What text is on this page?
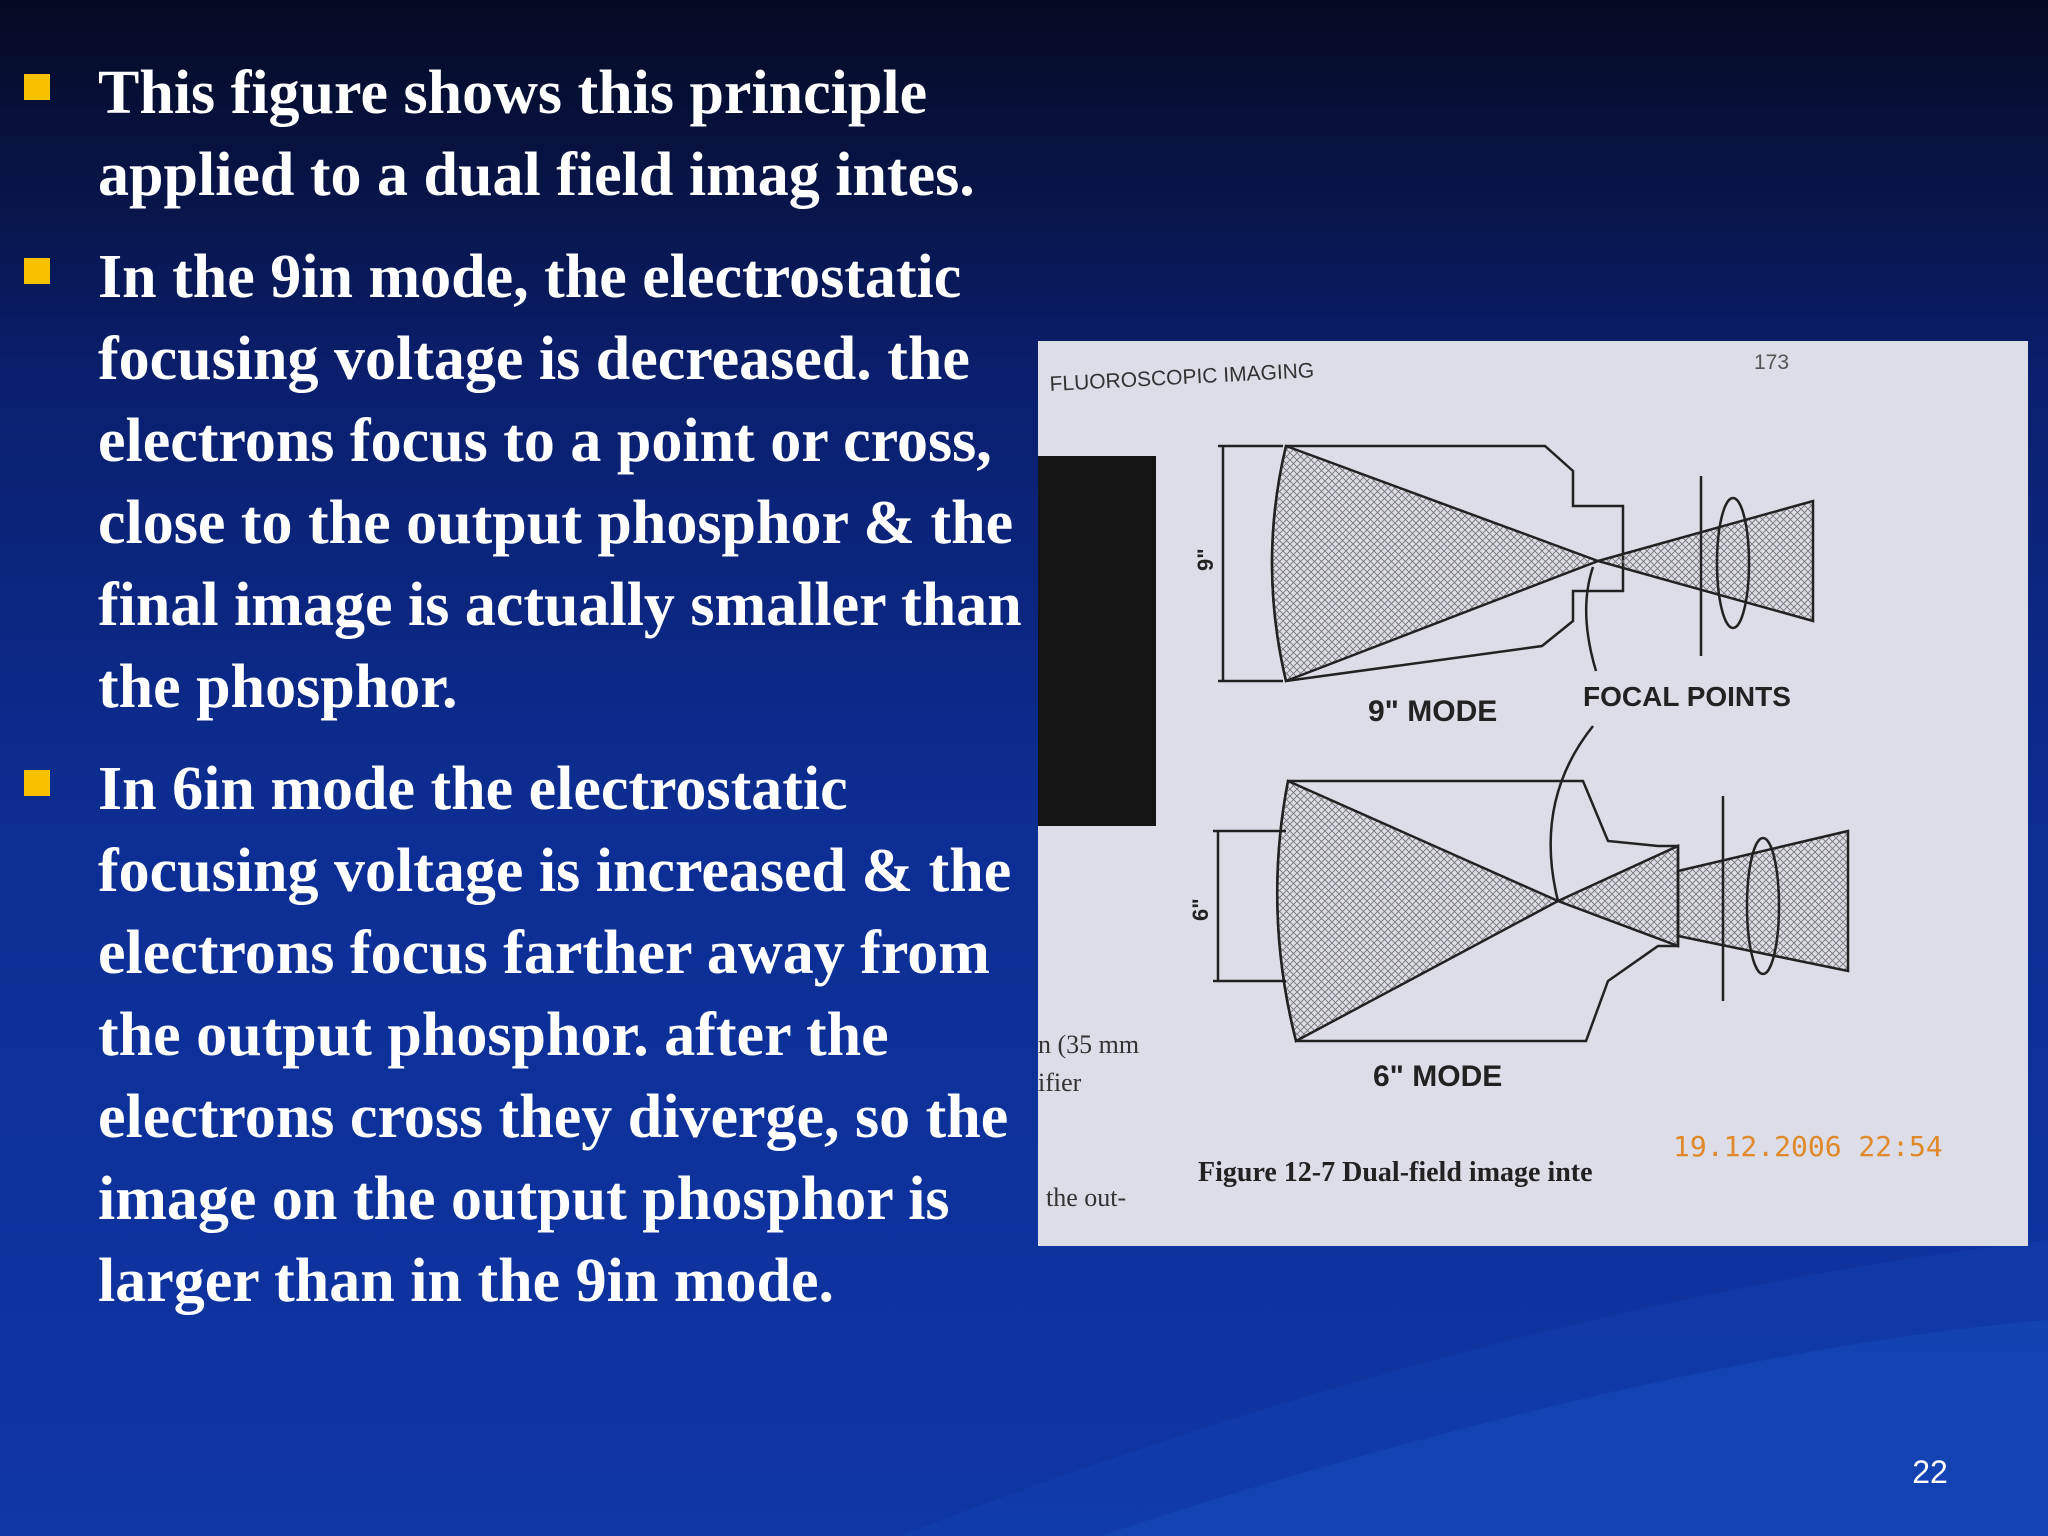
This figure shows this principle applied to a dual field imag intes.
In the 9in mode, the electrostatic focusing voltage is decreased. the electrons focus to a point or cross, close to the output phosphor & the final image is actually smaller than the phosphor.
In 6in mode the electrostatic focusing voltage is increased & the electrons focus farther away from the output phosphor. after the electrons cross they diverge, so the image on the output phosphor is larger than in the 9in mode.
FLUOROSCOPIC IMAGING	173
9"
9" MODE	FOCAL POINTS
6"
6" MODE
n (35 mm
ifier
the out-
Figure 12-7 Dual-field image inte
19.12.2006 22:54
22
